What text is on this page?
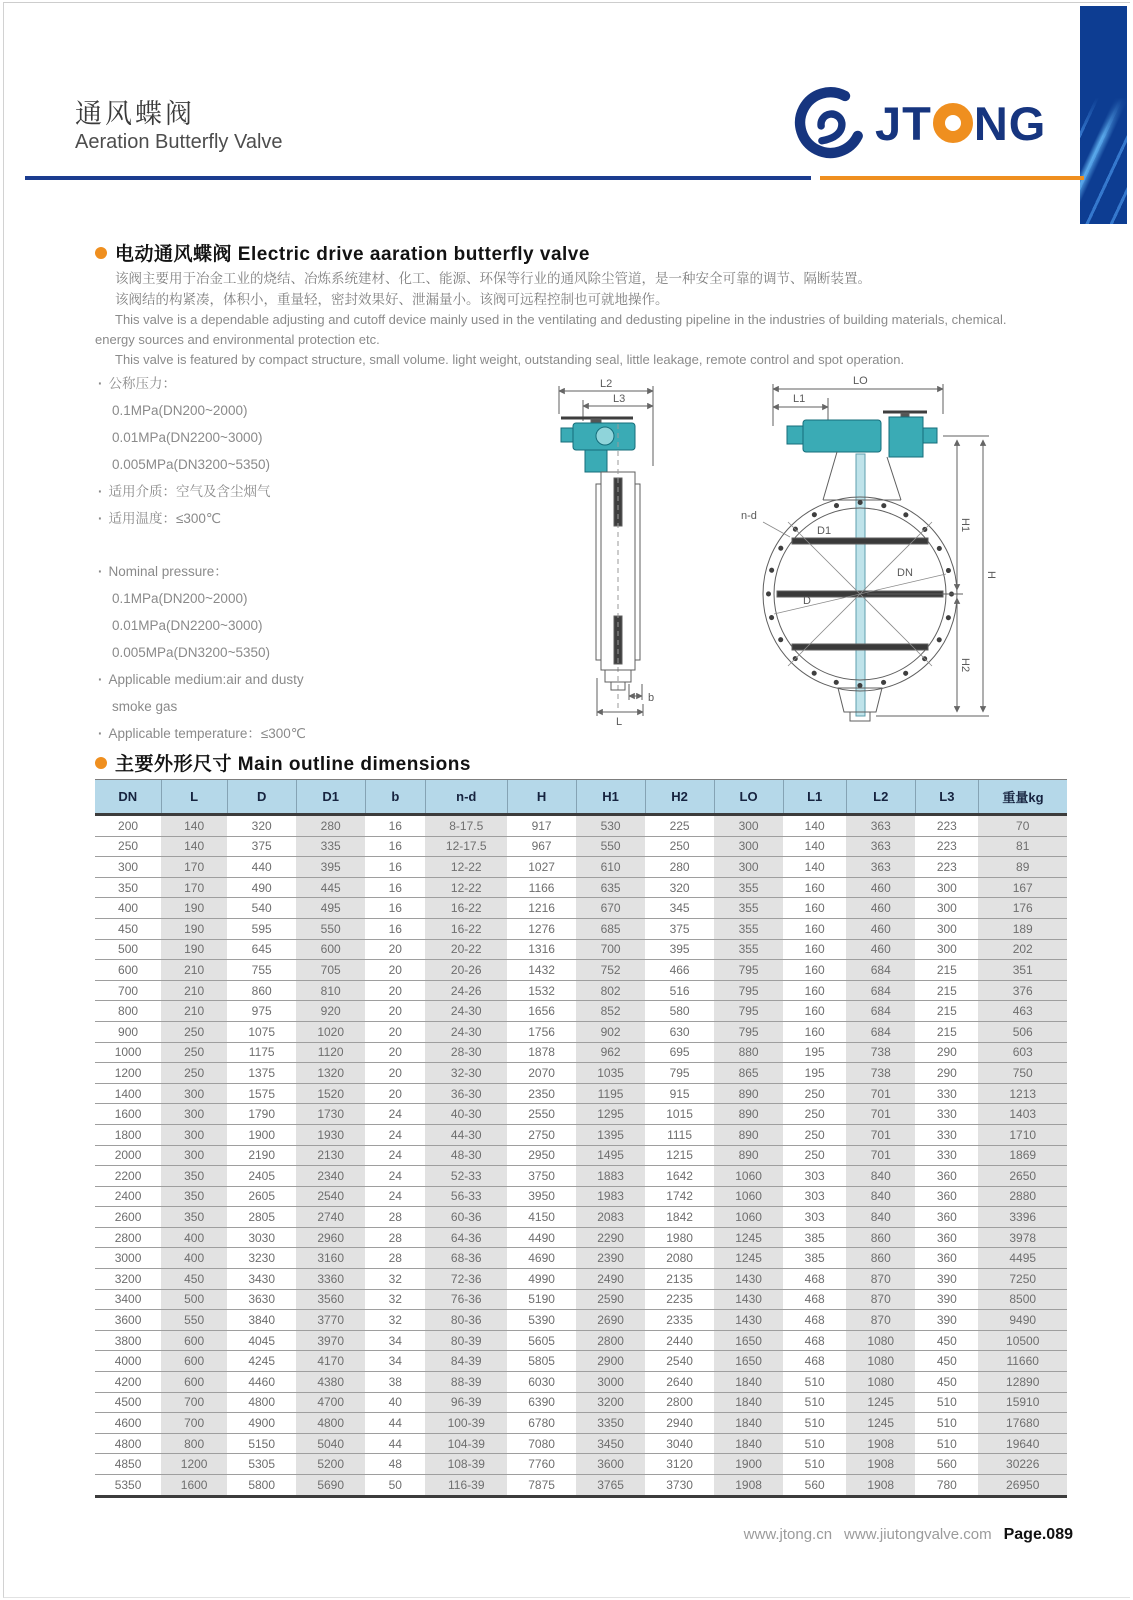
通风蝶阀
Aeration Butterfly Valve	JT NG
电动通风蝶阀 Electric drive aaration butterfly valve

该阀主要用于冶金工业的烧结、冶炼系统建材、化工、能源、环保等行业的通风除尘管道，是一种安全可靠的调节、隔断装置。

该阀结的构紧凑，体积小，重量轻，密封效果好、泄漏量小。该阀可远程控制也可就地操作。

This valve is a dependable adjusting and cutoff device mainly used in the ventilating and dedusting pipeline in the industries of building materials, chemical. energy sources and environmental protection etc.

This valve is featured by compact structure, small volume. light weight, outstanding seal, little leakage, remote control and spot operation.

· 公称压力：
0.1MPa(DN200~2000)
0.01MPa(DN2200~3000)
0.005MPa(DN3200~5350)
· 适用介质：空气及含尘烟气
· 适用温度：≤300℃
· Nominal pressure：
0.1MPa(DN200~2000)
0.01MPa(DN2200~3000)
0.005MPa(DN3200~5350)
· Applicable medium:air and dusty
smoke gas
· Applicable temperature：≤300℃
L2
L3
b
L
LO
L1
n-d
D1
DN
D
H1
H2
H
主要外形尺寸 Main outline dimensions
DN	L	D	D1	b	n-d	H	H1	H2	LO	L1	L2	L3	重量kg
200	140	320	280	16	8-17.5	917	530	225	300	140	363	223	70
250	140	375	335	16	12-17.5	967	550	250	300	140	363	223	81
300	170	440	395	16	12-22	1027	610	280	300	140	363	223	89
350	170	490	445	16	12-22	1166	635	320	355	160	460	300	167
400	190	540	495	16	16-22	1216	670	345	355	160	460	300	176
450	190	595	550	16	16-22	1276	685	375	355	160	460	300	189
500	190	645	600	20	20-22	1316	700	395	355	160	460	300	202
600	210	755	705	20	20-26	1432	752	466	795	160	684	215	351
700	210	860	810	20	24-26	1532	802	516	795	160	684	215	376
800	210	975	920	20	24-30	1656	852	580	795	160	684	215	463
900	250	1075	1020	20	24-30	1756	902	630	795	160	684	215	506
1000	250	1175	1120	20	28-30	1878	962	695	880	195	738	290	603
1200	250	1375	1320	20	32-30	2070	1035	795	865	195	738	290	750
1400	300	1575	1520	20	36-30	2350	1195	915	890	250	701	330	1213
1600	300	1790	1730	24	40-30	2550	1295	1015	890	250	701	330	1403
1800	300	1900	1930	24	44-30	2750	1395	1115	890	250	701	330	1710
2000	300	2190	2130	24	48-30	2950	1495	1215	890	250	701	330	1869
2200	350	2405	2340	24	52-33	3750	1883	1642	1060	303	840	360	2650
2400	350	2605	2540	24	56-33	3950	1983	1742	1060	303	840	360	2880
2600	350	2805	2740	28	60-36	4150	2083	1842	1060	303	840	360	3396
2800	400	3030	2960	28	64-36	4490	2290	1980	1245	385	860	360	3978
3000	400	3230	3160	28	68-36	4690	2390	2080	1245	385	860	360	4495
3200	450	3430	3360	32	72-36	4990	2490	2135	1430	468	870	390	7250
3400	500	3630	3560	32	76-36	5190	2590	2235	1430	468	870	390	8500
3600	550	3840	3770	32	80-36	5390	2690	2335	1430	468	870	390	9490
3800	600	4045	3970	34	80-39	5605	2800	2440	1650	468	1080	450	10500
4000	600	4245	4170	34	84-39	5805	2900	2540	1650	468	1080	450	11660
4200	600	4460	4380	38	88-39	6030	3000	2640	1840	510	1080	450	12890
4500	700	4800	4700	40	96-39	6390	3200	2800	1840	510	1245	510	15910
4600	700	4900	4800	44	100-39	6780	3350	2940	1840	510	1245	510	17680
4800	800	5150	5040	44	104-39	7080	3450	3040	1840	510	1908	510	19640
4850	1200	5305	5200	48	108-39	7760	3600	3120	1900	510	1908	560	30226
5350	1600	5800	5690	50	116-39	7875	3765	3730	1908	560	1908	780	26950
www.jtong.cn www.jiutongvalve.com Page.089
